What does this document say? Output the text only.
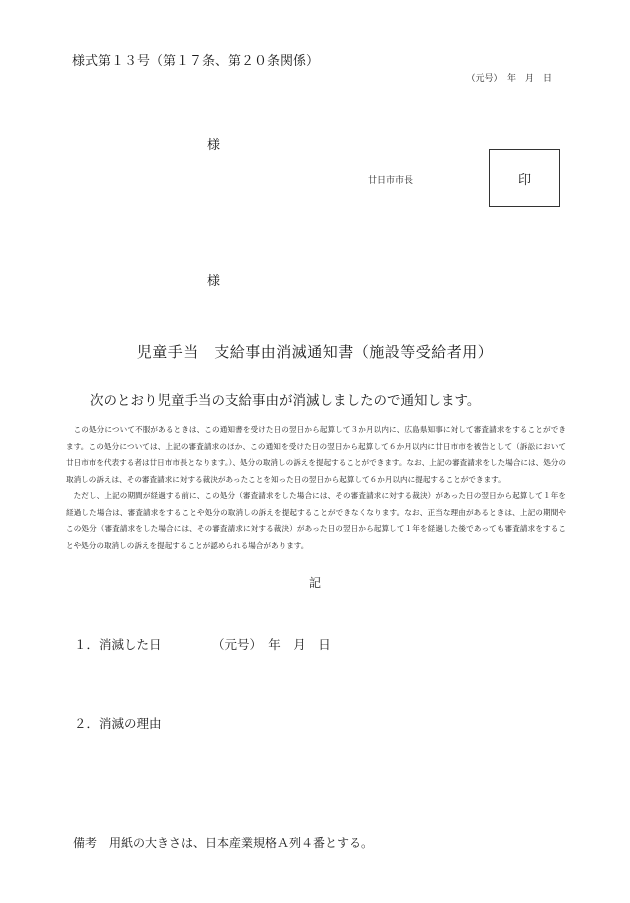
様式第１３号（第１７条、第２０条関係）
（元号）　年　月　日
様
廿日市市長	印
様
児童手当　支給事由消滅通知書（施設等受給者用）
次のとおり児童手当の支給事由が消滅しましたので通知します。

この処分について不服があるときは、この通知書を受けた日の翌日から起算して３か月以内に、広島県知事に対して審査請求をすることができます。この処分については、上記の審査請求のほか、この通知を受けた日の翌日から起算して６か月以内に廿日市市を被告として（訴訟において廿日市市を代表する者は廿日市市長となります。）、処分の取消しの訴えを提起することができます。なお、上記の審査請求をした場合には、処分の取消しの訴えは、その審査請求に対する裁決があったことを知った日の翌日から起算して６か月以内に提起することができます。

ただし、上記の期間が経過する前に、この処分（審査請求をした場合には、その審査請求に対する裁決）があった日の翌日から起算して１年を経過した場合は、審査請求をすることや処分の取消しの訴えを提起することができなくなります。なお、正当な理由があるときは、上記の期間やこの処分（審査請求をした場合には、その審査請求に対する裁決）があった日の翌日から起算して１年を経過した後であっても審査請求をすることや処分の取消しの訴えを提起することが認められる場合があります。

記
１．消滅した日	（元号）　年　月　日
２．消滅の理由
備考　用紙の大きさは、日本産業規格Ａ列４番とする。
